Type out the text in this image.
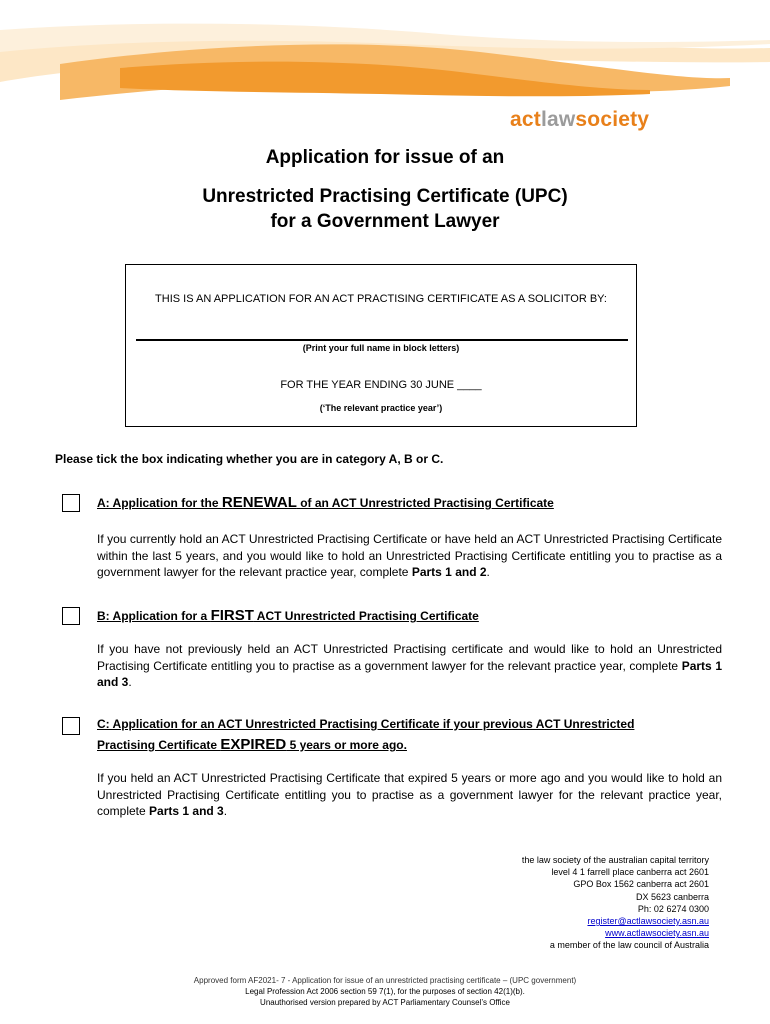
actlawsociety
Application for issue of an
Unrestricted Practising Certificate (UPC)
for a Government Lawyer
THIS IS AN APPLICATION FOR AN ACT PRACTISING CERTIFICATE AS A SOLICITOR BY:
(Print your full name in block letters)
FOR THE YEAR ENDING 30 JUNE ____
(‘The relevant practice year’)
Please tick the box indicating whether you are in category A, B or C.
A: Application for the RENEWAL of an ACT Unrestricted Practising Certificate
If you currently hold an ACT Unrestricted Practising Certificate or have held an ACT Unrestricted Practising Certificate within the last 5 years, and you would like to hold an Unrestricted Practising Certificate entitling you to practise as a government lawyer for the relevant practice year, complete Parts 1 and 2.
B: Application for a FIRST ACT Unrestricted Practising Certificate
If you have not previously held an ACT Unrestricted Practising certificate and would like to hold an Unrestricted Practising Certificate entitling you to practise as a government lawyer for the relevant practice year, complete Parts 1 and 3.
C: Application for an ACT Unrestricted Practising Certificate if your previous ACT Unrestricted
Practising Certificate EXPIRED 5 years or more ago.
If you held an ACT Unrestricted Practising Certificate that expired 5 years or more ago and you would like to hold an Unrestricted Practising Certificate entitling you to practise as a government lawyer for the relevant practice year, complete Parts 1 and 3.
the law society of the australian capital territory
level 4 1 farrell place canberra act 2601
GPO Box 1562 canberra act 2601
DX 5623 canberra
Ph: 02 6274 0300
register@actlawsociety.asn.au
www.actlawsociety.asn.au
a member of the law council of Australia
Approved form AF2021- 7 - Application for issue of an unrestricted practising certificate – (UPC government)
Legal Profession Act 2006 section 59 7(1), for the purposes of section 42(1)(b).
Unauthorised version prepared by ACT Parliamentary Counsel’s Office
